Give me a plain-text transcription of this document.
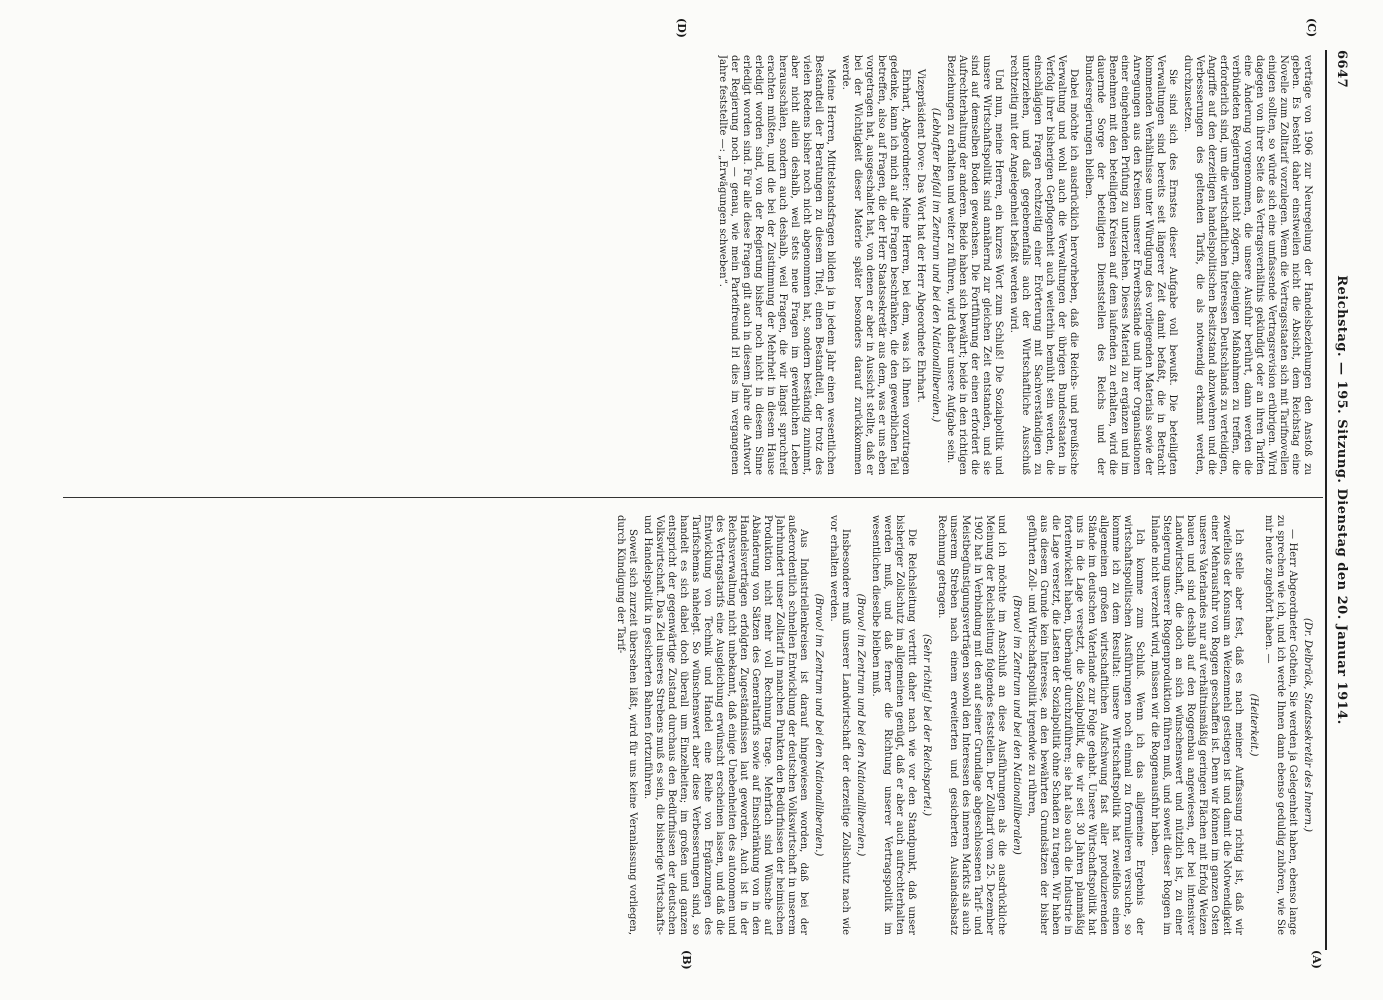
6647
Reichstag. — 195. Sitzung. Dienstag den 20. Januar 1914.
(A)
(B)
(C)
(D)

verträge von 1906 zur Neuregelung der Handelsbeziehungen den Anstoß zu geben. Es besteht daher einstweilen nicht die Absicht, dem Reichstag eine Novelle zum Zolltarif vorzulegen. Wenn die Vertragsstaaten sich mit Tarifnovellen einigen sollten, so würde sich eine umfassende Vertragsrevision erübrigen. Wird dagegen von ihrer Seite das Vertragsverhältnis gekündigt oder an ihren Tarifen eine Änderung vorgenommen, die unsere Ausfuhr berührt, dann werden die verbündeten Regierungen nicht zögern, diejenigen Maßnahmen zu treffen, die erforderlich sind, um die wirtschaftlichen Interessen Deutschlands zu verteidigen, Angriffe auf den derzeitigen handelspolitischen Besitzstand abzuwehren und die Verbesserungen des geltenden Tarifs, die als notwendig erkannt werden, durchzusetzen.

Sie sind sich des Ernstes dieser Aufgabe voll bewußt. Die beteiligten Verwaltungen sind bereits seit längerer Zeit damit befaßt, die in Betracht kommenden Verhältnisse unter Würdigung des vorliegenden Materials sowie der Anregungen aus den Kreisen unserer Erwerbsstände und ihrer Organisationen einer eingehenden Prüfung zu unterziehen. Dieses Material zu ergänzen und im Benehmen mit den beteiligten Kreisen auf dem laufenden zu erhalten, wird die dauernde Sorge der beteiligten Dienststellen des Reichs und der Bundesregierungen bleiben.

Dabei möchte ich ausdrücklich hervorheben, daß die Reichs- und preußische Verwaltung und wohl auch die Verwaltungen der übrigen Bundesstaaten in Verfolg ihrer bisherigen Gepflogenheit auch weiterhin bemüht sein werden, die einschlägigen Fragen rechtzeitig einer Erörterung mit Sachverständigen zu unterziehen, und daß gegebenenfalls auch der Wirtschaftliche Ausschuß rechtzeitig mit der Angelegenheit befaßt werden wird.

Und nun, meine Herren, ein kurzes Wort zum Schluß! Die Sozialpolitik und unsere Wirtschaftspolitik sind annähernd zur gleichen Zeit entstanden, und sie sind auf demselben Boden gewachsen. Die Fortführung der einen erfordert die Aufrechterhaltung der anderen. Beide haben sich bewährt; beide in den richtigen Beziehungen zu erhalten und weiter zu führen, wird daher unsere Aufgabe sein.

(Lebhafter Beifall im Zentrum und bei den Nationalliberalen.)

Vizepräsident Dove: Das Wort hat der Herr Abgeordnete Ehrhart.

Ehrhart, Abgeordneter: Meine Herren, bei dem, was ich Ihnen vorzutragen gedenke, kann ich mich auf die Fragen beschränken, die den gewerblichen Teil betreffen, also auf Fragen, die der Herr Staatssekretär aus dem, was er uns eben vorgetragen hat, ausgeschaltet hat, von denen er aber in Aussicht stellte, daß er bei der Wichtigkeit dieser Materie später besonders darauf zurückkommen werde.

Meine Herren, Mittelstandsfragen bilden ja in jedem Jahr einen wesentlichen Bestandteil der Beratungen zu diesem Titel, einen Bestandteil, der trotz des vielen Redens bisher noch nicht abgenommen hat, sondern beständig zunimmt, aber nicht allein deshalb, weil stets neue Fragen im gewerblichen Leben herausschälen, sondern auch deshalb, weil Fragen, die wir längst spruchreif erachten müßten, und die bei der Zustimmung der Mehrheit in diesem Hause erledigt worden sind, von der Regierung bisher noch nicht in diesem Sinne erledigt worden sind. Für alle diese Fragen gilt auch in diesem Jahre die Antwort der Regierung noch — genau, wie mein Parteifreund Irl dies im vergangenen Jahre feststellte —: „Erwägungen schweben“.

(Dr. Delbrück, Staatssekretär des Innern.)

— Herr Abgeordneter Gothein, Sie werden ja Gelegenheit haben, ebenso lange zu sprechen wie ich, und ich werde Ihnen dann ebenso geduldig zuhören, wie Sie mir heute zugehört haben. —

(Heiterkeit.)

Ich stelle aber fest, daß es nach meiner Auffassung richtig ist, daß wir zweifellos der Konsum an Weizenmehl gestiegen ist und damit die Notwendigkeit einer Mehrausfuhr von Roggen geschaffen ist. Denn wir können im ganzen Osten unseres Vaterlandes nur auf verhältnismäßig geringen Flächen mit Erfolg Weizen bauen und sind deshalb auf den Roggenbau angewiesen, der bei intensiver Landwirtschaft, die doch an sich wünschenswert und nützlich ist, zu einer Steigerung unserer Roggenproduktion führen muß, und soweit dieser Roggen im Inlande nicht verzehrt wird, müssen wir die Roggenausfuhr haben.

Ich komme zum Schluß. Wenn ich das allgemeine Ergebnis der wirtschaftspolitischen Ausführungen noch einmal zu formulieren versuche, so komme ich zu dem Resultat: unsere Wirtschaftspolitik hat zweifellos einen allgemeinen großen wirtschaftlichen Aufschwung fast aller produzierenden Stände im deutschen Vaterlande zur Folge gehabt. Unsere Wirtschaftspolitik hat uns in die Lage versetzt, die Sozialpolitik, die wir seit 30 Jahren planmäßig fortentwickelt haben, überhaupt durchzuführen; sie hat also auch die Industrie in die Lage versetzt, die Lasten der Sozialpolitik ohne Schaden zu tragen. Wir haben aus diesem Grunde kein Interesse, an den bewährten Grundsätzen der bisher geführten Zoll- und Wirtschaftspolitik irgendwie zu rühren,

(Bravo! im Zentrum und bei den Nationalliberalen)

und ich möchte im Anschluß an diese Ausführungen als die ausdrückliche Meinung der Reichsleitung folgendes feststellen. Der Zolltarif vom 25. Dezember 1902 hat in Verbindung mit den auf seiner Grundlage abgeschlossenen Tarif- und Meistbegünstigungsverträgen sowohl den Interessen des inneren Markts als auch unserem Streben nach einem erweiterten und gesicherten Auslandsabsatz Rechnung getragen.

(Sehr richtig! bei der Reichspartei.)

Die Reichsleitung vertritt daher nach wie vor den Standpunkt, daß unser bisheriger Zollschutz im allgemeinen genügt, daß er aber auch aufrechterhalten werden muß, und daß ferner die Richtung unserer Vertragspolitik im wesentlichen dieselbe bleiben muß.

(Bravo! im Zentrum und bei den Nationalliberalen.)

Insbesondere muß unserer Landwirtschaft der derzeitige Zollschutz nach wie vor erhalten werden.

(Bravo! im Zentrum und bei den Nationalliberalen.)

Aus Industriellenkreisen ist darauf hingewiesen worden, daß bei der außerordentlich schnellen Entwicklung der deutschen Volkswirtschaft in unserem Jahrhundert unser Zolltarif in manchen Punkten den Bedürfnissen der heimischen Produktion nicht mehr voll Rechnung trage. Mehrfach sind Wünsche auf Abänderung von Sätzen des Generaltarifs sowie auf Einschränkung von in den Handelsverträgen erfolgten Zugeständnissen laut geworden. Auch ist in der Reichsverwaltung nicht unbekannt, daß einige Unebenheiten des autonomen und des Vertragstarifs eine Ausgleichung erwünscht erscheinen lassen, und daß die Entwicklung von Technik und Handel eine Reihe von Ergänzungen des Tarifschemas nahelegt. So wünschenswert aber diese Verbesserungen sind, so handelt es sich dabei doch überall um Einzelheiten; im großen und ganzen entspricht der gegenwärtige Zustand durchaus den Bedürfnissen der deutschen Volkswirtschaft. Das Ziel unseres Strebens muß es sein, die bisherige Wirtschafts- und Handelspolitik in gesicherten Bahnen fortzuführen.

Soweit sich zurzeit übersehen läßt, wird für uns keine Veranlassung vorliegen, durch Kündigung der Tarif-
